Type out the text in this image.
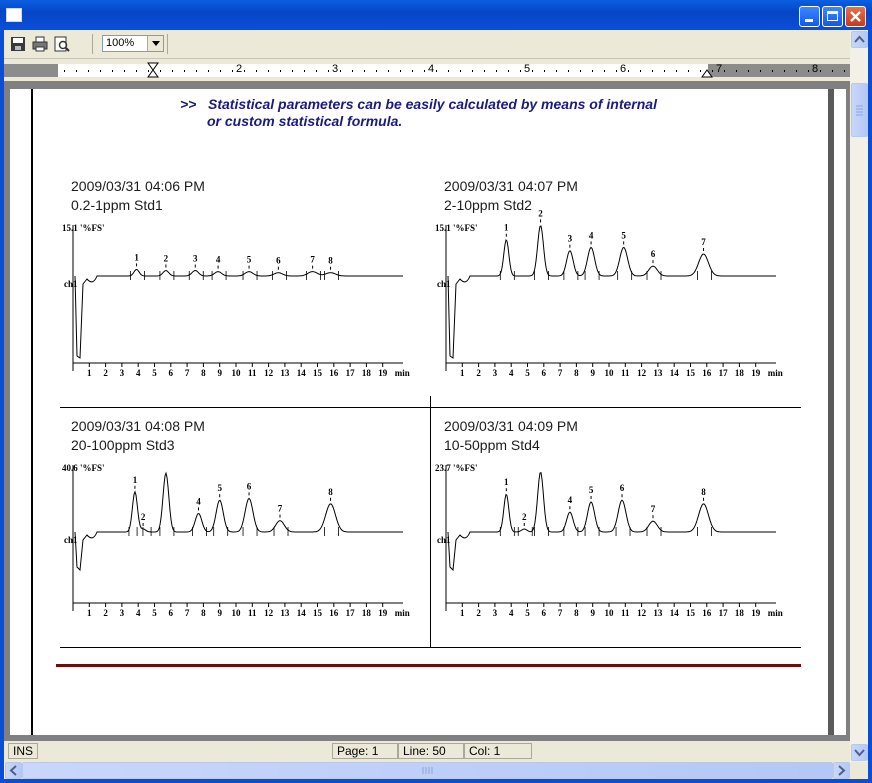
100%
2	3	4	5	6	7	8
>> Statistical parameters can be easily calculated by means of internal
or custom statistical formula.
2009/03/31 04:06 PM
0.2-1ppm Std1
15.1 '%FS'
1 2 3 4 5 6 7 8 9 10 11 12 13 14 15 16 17 18 19 min
ch1
1	2	3 4	5	6	7 8
2009/03/31 04:07 PM
2-10ppm Std2
15.1 '%FS'
1 2 3 4 5 6 7 8 9 10 11 12 13 14 15 16 17 18 19 min
ch1
1
2
3 4	5
6
7
2009/03/31 04:08 PM
20-100ppm Std3
40.6 '%FS'
1 2 3 4 5 6 7 8 9 10 11 12 13 14 15 16 17 18 19 min
ch1
1
2
4
5	6
7
8
2009/03/31 04:09 PM
10-50ppm Std4
23.7 '%FS'
1 2 3 4 5 6 7 8 9 10 11 12 13 14 15 16 17 18 19 min
ch1
1
2
4
5	6
7
8
INS	Page: 1	Line: 50	Col: 1
